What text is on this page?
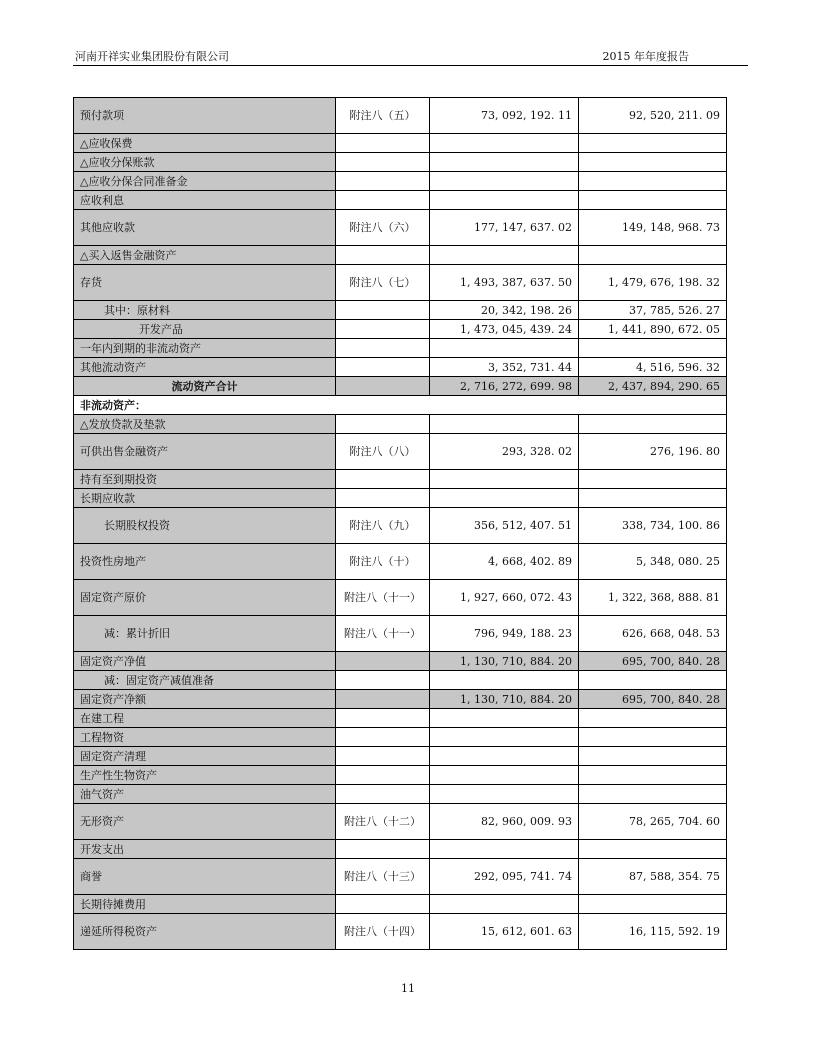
河南开祥实业集团股份有限公司	2015 年年度报告
预付款项	附注八（五）	73, 092, 192. 11	92, 520, 211. 09
△应收保费			
△应收分保账款			
△应收分保合同准备金			
应收利息			
其他应收款	附注八（六）	177, 147, 637. 02	149, 148, 968. 73
△买入返售金融资产			
存货	附注八（七）	1, 493, 387, 637. 50	1, 479, 676, 198. 32
其中：原材料		20, 342, 198. 26	37, 785, 526. 27
开发产品		1, 473, 045, 439. 24	1, 441, 890, 672. 05
一年内到期的非流动资产			
其他流动资产		3, 352, 731. 44	4, 516, 596. 32
流动资产合计		2, 716, 272, 699. 98	2, 437, 894, 290. 65
非流动资产：			
△发放贷款及垫款			
可供出售金融资产	附注八（八）	293, 328. 02	276, 196. 80
持有至到期投资			
长期应收款			
长期股权投资	附注八（九）	356, 512, 407. 51	338, 734, 100. 86
投资性房地产	附注八（十）	4, 668, 402. 89	5, 348, 080. 25
固定资产原价	附注八（十一）	1, 927, 660, 072. 43	1, 322, 368, 888. 81
减：累计折旧	附注八（十一）	796, 949, 188. 23	626, 668, 048. 53
固定资产净值		1, 130, 710, 884. 20	695, 700, 840. 28
减：固定资产减值准备			
固定资产净额		1, 130, 710, 884. 20	695, 700, 840. 28
在建工程			
工程物资			
固定资产清理			
生产性生物资产			
油气资产			
无形资产	附注八（十二）	82, 960, 009. 93	78, 265, 704. 60
开发支出			
商誉	附注八（十三）	292, 095, 741. 74	87, 588, 354. 75
长期待摊费用			
递延所得税资产	附注八（十四）	15, 612, 601. 63	16, 115, 592. 19
11
